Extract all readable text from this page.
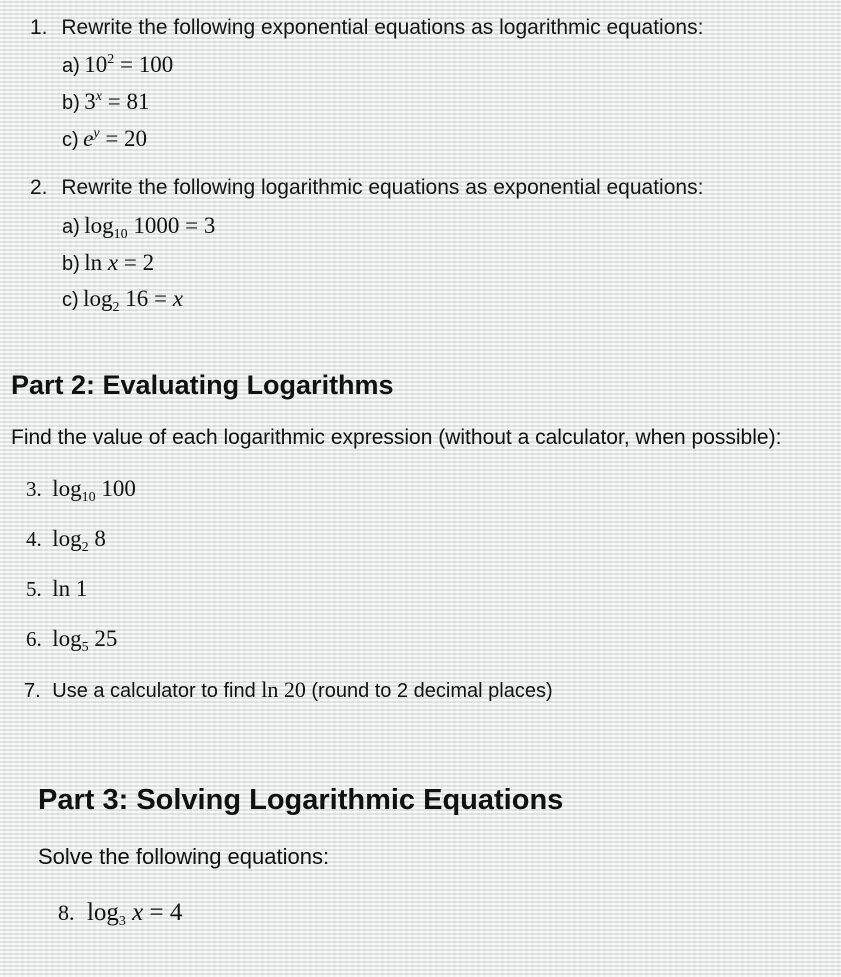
1. Rewrite the following exponential equations as logarithmic equations:
a) $10^2 = 100$
b) $3^x = 81$
c) $e^y = 20$
2. Rewrite the following logarithmic equations as exponential equations:
a) $\log_{10} 1000 = 3$
b) ln x = 2
c) $\log_2 16 = x$
Part 2: Evaluating Logarithms
Find the value of each logarithmic expression (without a calculator, when possible):
3. $\log_{10} 100$
4. $\log_2 8$
5. ln 1
6. $\log_5 25$
7. Use a calculator to find ln 20 (round to 2 decimal places)
Part 3: Solving Logarithmic Equations
Solve the following equations:
8. $\log_3 x = 4$
